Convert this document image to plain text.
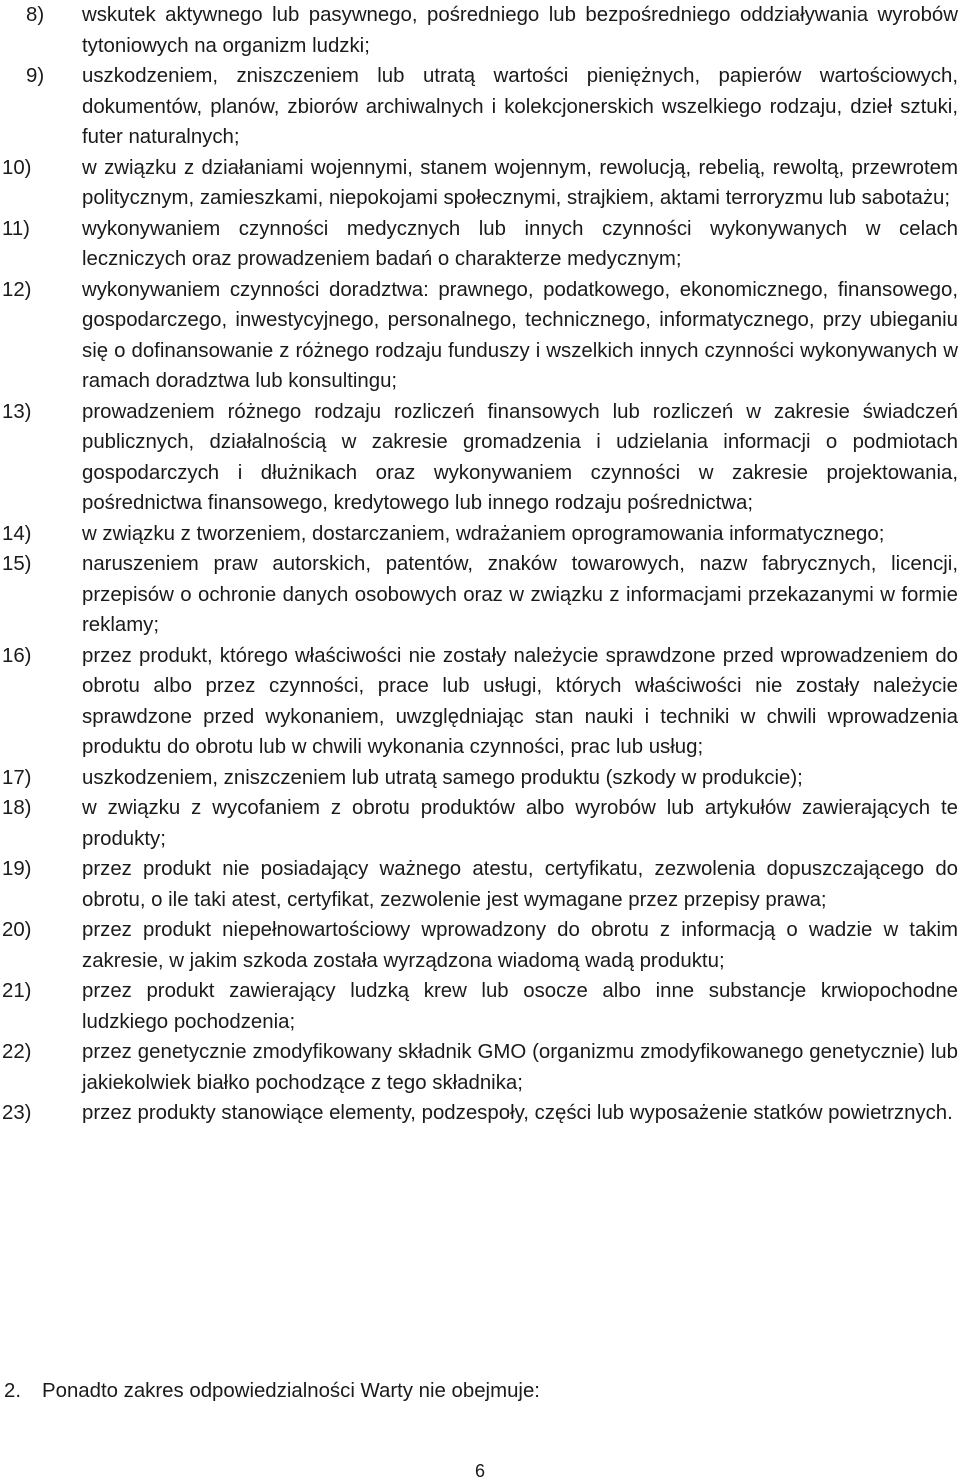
8)	wskutek aktywnego lub pasywnego, pośredniego lub bezpośredniego oddziaływania wyrobów tytoniowych na organizm ludzki;
9)	uszkodzeniem, zniszczeniem lub utratą wartości pieniężnych, papierów wartościowych, dokumentów, planów, zbiorów archiwalnych i kolekcjonerskich wszelkiego rodzaju, dzieł sztuki, futer naturalnych;
10)	w związku z działaniami wojennymi, stanem wojennym, rewolucją, rebelią, rewoltą, przewrotem politycznym, zamieszkami, niepokojami społecznymi, strajkiem, aktami terroryzmu lub sabotażu;
11)	wykonywaniem czynności medycznych lub innych czynności wykonywanych w celach leczniczych oraz prowadzeniem badań o charakterze medycznym;
12)	wykonywaniem czynności doradztwa: prawnego, podatkowego, ekonomicznego, finansowego, gospodarczego, inwestycyjnego, personalnego, technicznego, informatycznego, przy ubieganiu się o dofinansowanie z różnego rodzaju funduszy i wszelkich innych czynności wykonywanych w ramach doradztwa lub konsultingu;
13)	prowadzeniem różnego rodzaju rozliczeń finansowych lub rozliczeń w zakresie świadczeń publicznych, działalnością w zakresie gromadzenia i udzielania informacji o podmiotach gospodarczych i dłużnikach oraz wykonywaniem czynności w zakresie projektowania, pośrednictwa finansowego, kredytowego lub innego rodzaju pośrednictwa;
14)	w związku z tworzeniem, dostarczaniem, wdrażaniem oprogramowania informatycznego;
15)	naruszeniem praw autorskich, patentów, znaków towarowych, nazw fabrycznych, licencji, przepisów o ochronie danych osobowych oraz w związku z informacjami przekazanymi w formie reklamy;
16)	przez produkt, którego właściwości nie zostały należycie sprawdzone przed wprowadzeniem do obrotu albo przez czynności, prace lub usługi, których właściwości nie zostały należycie sprawdzone przed wykonaniem, uwzględniając stan nauki i techniki w chwili wprowadzenia produktu do obrotu lub w chwili wykonania czynności, prac lub usług;
17)	uszkodzeniem, zniszczeniem lub utratą samego produktu (szkody w produkcie);
18)	w związku z wycofaniem z obrotu produktów albo wyrobów lub artykułów zawierających te produkty;
19)	przez produkt nie posiadający ważnego atestu, certyfikatu, zezwolenia dopuszczającego do obrotu, o ile taki atest, certyfikat, zezwolenie jest wymagane przez przepisy prawa;
20)	przez produkt niepełnowartościowy wprowadzony do obrotu z informacją o wadzie w takim zakresie, w jakim szkoda została wyrządzona wiadomą wadą produktu;
21)	przez produkt zawierający ludzką krew lub osocze albo inne substancje krwiopochodne ludzkiego pochodzenia;
22)	przez genetycznie zmodyfikowany składnik GMO (organizmu zmodyfikowanego genetycznie) lub jakiekolwiek białko pochodzące z tego składnika;
23)	przez produkty stanowiące elementy, podzespoły, części lub wyposażenie statków powietrznych.
2.	Ponadto zakres odpowiedzialności Warty nie obejmuje:
6
